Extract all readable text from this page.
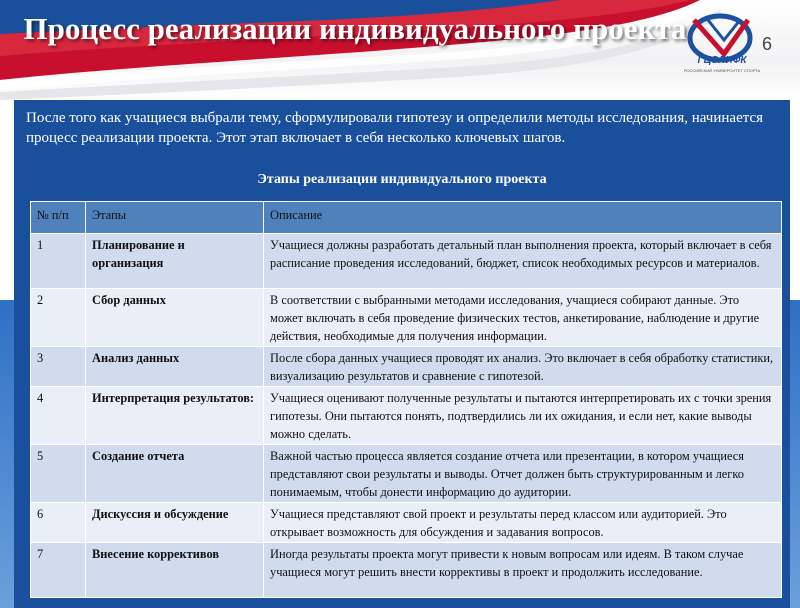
Процесс реализации индивидуального проекта
ГЦОЛИФК
РОССИЙСКИЙ УНИВЕРСИТЕТ СПОРТА
6

После того как учащиеся выбрали тему, сформулировали гипотезу и определили методы исследования, начинается процесс реализации проекта. Этот этап включает в себя несколько ключевых шагов.

Этапы реализации индивидуального проекта
№ п/п	Этапы	Описание
1	Планирование и организация	Учащиеся должны разработать детальный план выполнения проекта, который включает в себя расписание проведения исследований, бюджет, список необходимых ресурсов и материалов.
2	Сбор данных	В соответствии с выбранными методами исследования, учащиеся собирают данные. Это может включать в себя проведение физических тестов, анкетирование, наблюдение и другие действия, необходимые для получения информации.
3	Анализ данных	После сбора данных учащиеся проводят их анализ. Это включает в себя обработку статистики, визуализацию результатов и сравнение с гипотезой.
4	Интерпретация результатов:	Учащиеся оценивают полученные результаты и пытаются интерпретировать их с точки зрения гипотезы. Они пытаются понять, подтвердились ли их ожидания, и если нет, какие выводы можно сделать.
5	Создание отчета	Важной частью процесса является создание отчета или презентации, в котором учащиеся представляют свои результаты и выводы. Отчет должен быть структурированным и легко понимаемым, чтобы донести информацию до аудитории.
6	Дискуссия и обсуждение	Учащиеся представляют свой проект и результаты перед классом или аудиторией. Это открывает возможность для обсуждения и задавания вопросов.
7	Внесение коррективов	Иногда результаты проекта могут привести к новым вопросам или идеям. В таком случае учащиеся могут решить внести коррективы в проект и продолжить исследование.
